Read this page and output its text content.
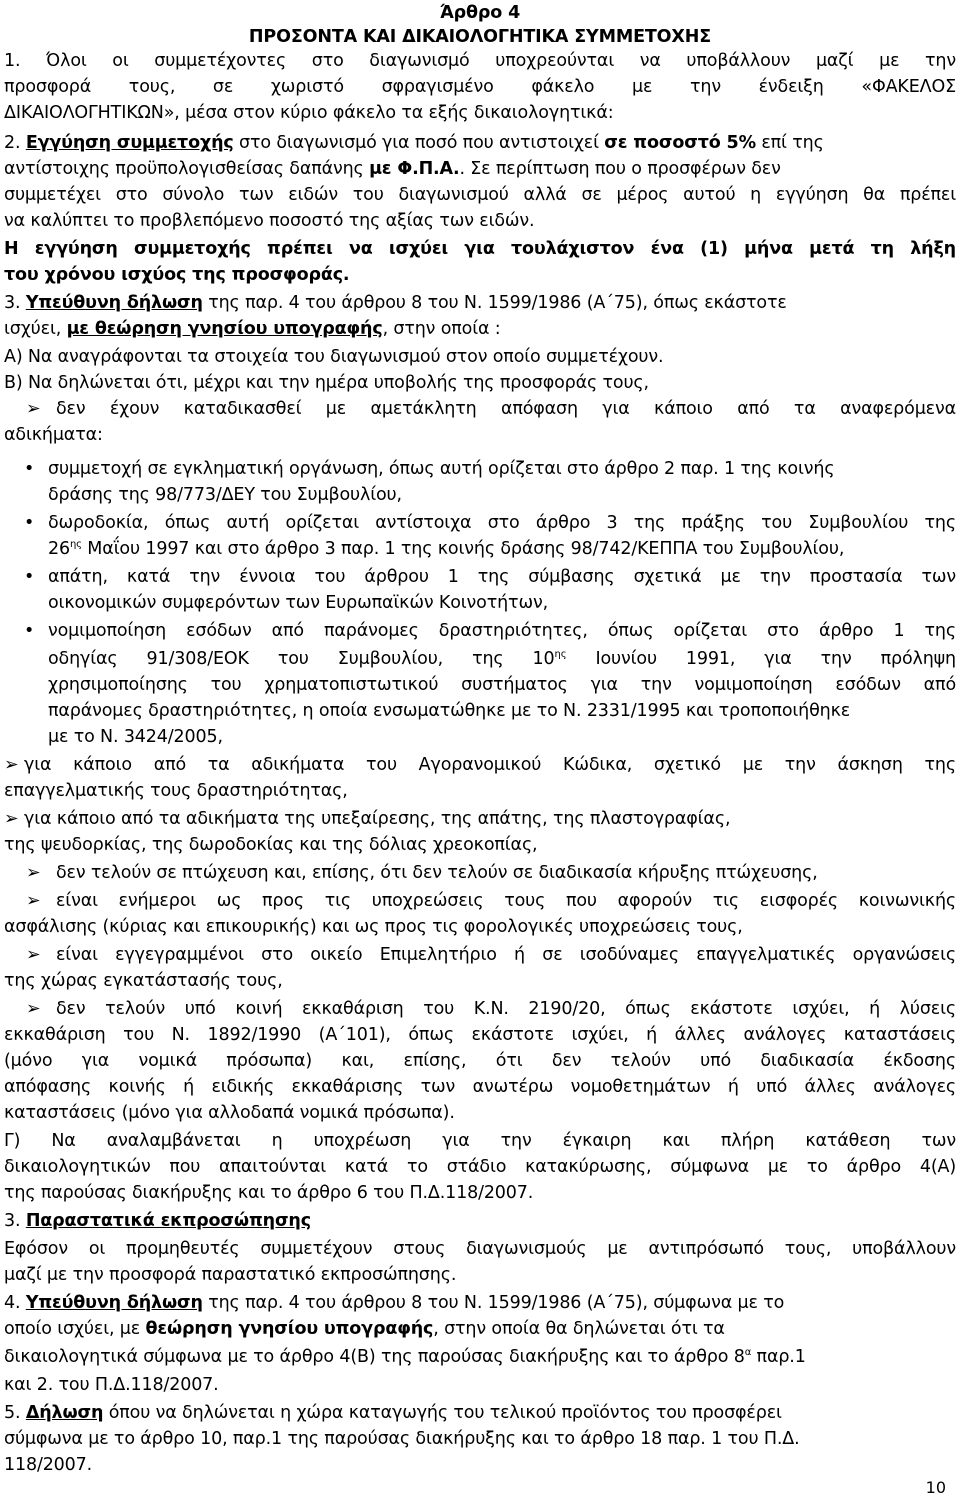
Άρθρο 4
ΠΡΟΣΟΝΤΑ ΚΑΙ ΔΙΚΑΙΟΛΟΓΗΤΙΚΑ ΣΥΜΜΕΤΟΧΗΣ
1. Όλοι οι συμμετέχοντες στο διαγωνισμό υποχρεούνται να υποβάλλουν μαζί με την
προσφορά τους, σε χωριστό σφραγισμένο φάκελο με την ένδειξη «ΦΑΚΕΛΟΣ
ΔΙΚΑΙΟΛΟΓΗΤΙΚΩΝ», μέσα στον κύριο φάκελο τα εξής δικαιολογητικά:
2. Εγγύηση συμμετοχής στο διαγωνισμό για ποσό που αντιστοιχεί σε ποσοστό 5% επί της
αντίστοιχης προϋπολογισθείσας δαπάνης με Φ.Π.Α.. Σε περίπτωση που ο προσφέρων δεν
συμμετέχει στο σύνολο των ειδών του διαγωνισμού αλλά σε μέρος αυτού η εγγύηση θα πρέπει
να καλύπτει το προβλεπόμενο ποσοστό της αξίας των ειδών.
Η εγγύηση συμμετοχής πρέπει να ισχύει για τουλάχιστον ένα (1) μήνα μετά τη λήξη
του χρόνου ισχύος της προσφοράς.
3. Υπεύθυνη δήλωση της παρ. 4 του άρθρου 8 του Ν. 1599/1986 (Α΄75), όπως εκάστοτε
ισχύει, με θεώρηση γνησίου υπογραφής, στην οποία :
Α) Να αναγράφονται τα στοιχεία του διαγωνισμού στον οποίο συμμετέχουν.
Β) Να δηλώνεται ότι, μέχρι και την ημέρα υποβολής της προσφοράς τους,
➢ δεν έχουν καταδικασθεί με αμετάκλητη απόφαση για κάποιο από τα αναφερόμενα
αδικήματα:
• συμμετοχή σε εγκληματική οργάνωση, όπως αυτή ορίζεται στο άρθρο 2 παρ. 1 της κοινής
δράσης της 98/773/ΔΕΥ του Συμβουλίου,
• δωροδοκία, όπως αυτή ορίζεται αντίστοιχα στο άρθρο 3 της πράξης του Συμβουλίου της
$26^{\eta\varsigma}$ Μαΐου 1997 και στο άρθρο 3 παρ. 1 της κοινής δράσης 98/742/ΚΕΠΠΑ του Συμβουλίου,
• απάτη, κατά την έννοια του άρθρου 1 της σύμβασης σχετικά με την προστασία των
οικονομικών συμφερόντων των Ευρωπαϊκών Κοινοτήτων,
• νομιμοποίηση εσόδων από παράνομες δραστηριότητες, όπως ορίζεται στο άρθρο 1 της
οδηγίας 91/308/ΕΟΚ του Συμβουλίου, της $10^{\eta\varsigma}$ Ιουνίου 1991, για την πρόληψη
χρησιμοποίησης του χρηματοπιστωτικού συστήματος για την νομιμοποίηση εσόδων από
παράνομες δραστηριότητες, η οποία ενσωματώθηκε με το Ν. 2331/1995 και τροποποιήθηκε
με το Ν. 3424/2005,
➢ για κάποιο από τα αδικήματα του Αγορανομικού Κώδικα, σχετικό με την άσκηση της
επαγγελματικής τους δραστηριότητας,
➢ για κάποιο από τα αδικήματα της υπεξαίρεσης, της απάτης, της πλαστογραφίας,
της ψευδορκίας, της δωροδοκίας και της δόλιας χρεοκοπίας,
➢ δεν τελούν σε πτώχευση και, επίσης, ότι δεν τελούν σε διαδικασία κήρυξης πτώχευσης,
➢ είναι ενήμεροι ως προς τις υποχρεώσεις τους που αφορούν τις εισφορές κοινωνικής
ασφάλισης (κύριας και επικουρικής) και ως προς τις φορολογικές υποχρεώσεις τους,
➢ είναι εγγεγραμμένοι στο οικείο Επιμελητήριο ή σε ισοδύναμες επαγγελματικές οργανώσεις
της χώρας εγκατάστασής τους,
➢ δεν τελούν υπό κοινή εκκαθάριση του Κ.Ν. 2190/20, όπως εκάστοτε ισχύει, ή λύσεις
εκκαθάριση του Ν. 1892/1990 (Α΄101), όπως εκάστοτε ισχύει, ή άλλες ανάλογες καταστάσεις
(μόνο για νομικά πρόσωπα) και, επίσης, ότι δεν τελούν υπό διαδικασία έκδοσης
απόφασης κοινής ή ειδικής εκκαθάρισης των ανωτέρω νομοθετημάτων ή υπό άλλες ανάλογες
καταστάσεις (μόνο για αλλοδαπά νομικά πρόσωπα).
Γ) Να αναλαμβάνεται η υποχρέωση για την έγκαιρη και πλήρη κατάθεση των
δικαιολογητικών που απαιτούνται κατά το στάδιο κατακύρωσης, σύμφωνα με το άρθρο 4(Α)
της παρούσας διακήρυξης και το άρθρο 6 του Π.Δ.118/2007.
3. Παραστατικά εκπροσώπησης
Εφόσον οι προμηθευτές συμμετέχουν στους διαγωνισμούς με αντιπρόσωπό τους, υποβάλλουν
μαζί με την προσφορά παραστατικό εκπροσώπησης.
4. Υπεύθυνη δήλωση της παρ. 4 του άρθρου 8 του Ν. 1599/1986 (Α΄75), σύμφωνα με το
οποίο ισχύει, με θεώρηση γνησίου υπογραφής, στην οποία θα δηλώνεται ότι τα
δικαιολογητικά σύμφωνα με το άρθρο 4(Β) της παρούσας διακήρυξης και το άρθρο $8^\alpha$ παρ.1
και 2. του Π.Δ.118/2007.
5. Δήλωση όπου να δηλώνεται η χώρα καταγωγής του τελικού προϊόντος του προσφέρει
σύμφωνα με το άρθρο 10, παρ.1 της παρούσας διακήρυξης και το άρθρο 18 παρ. 1 του Π.Δ.
118/2007.
10
